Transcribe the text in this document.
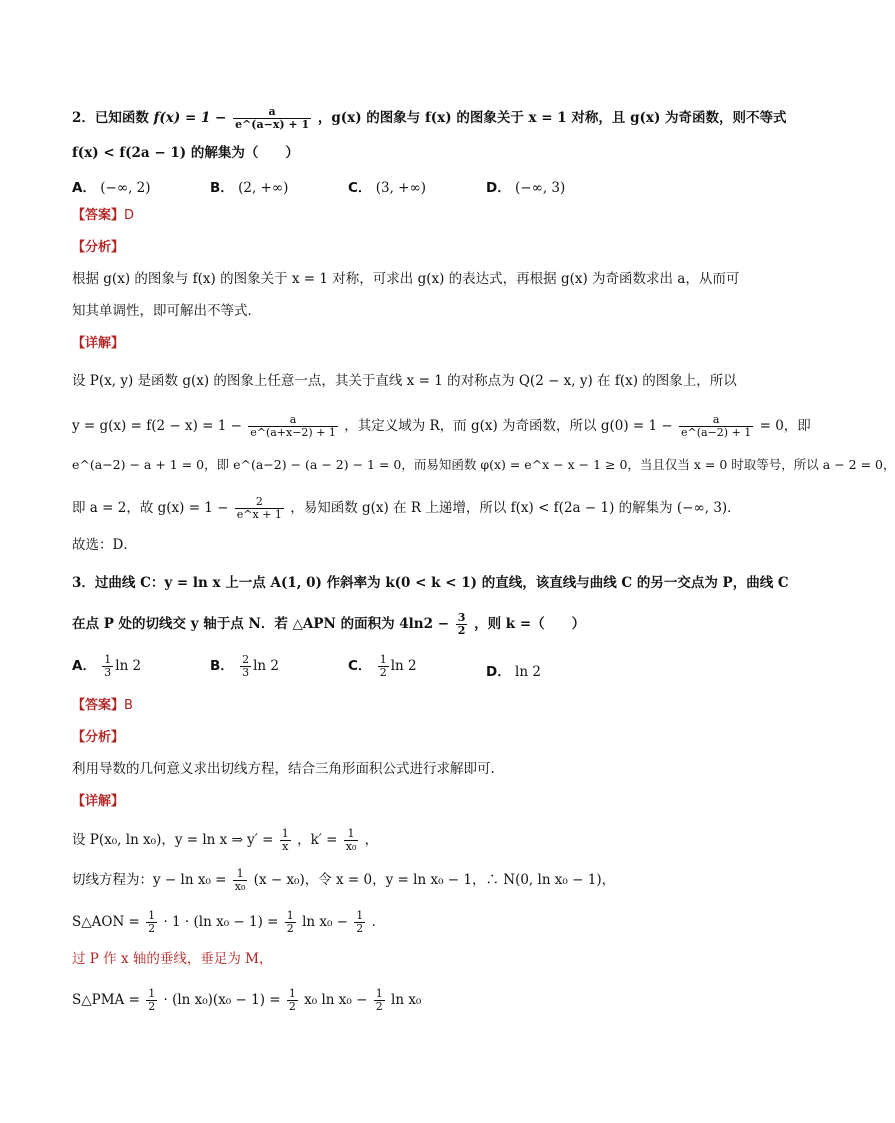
2．已知函数 $f(x) = 1 - \frac{a}{e\^{}(a-x) + 1}$ ，g(x) 的图象与 f(x) 的图象关于 x = 1 对称，且 g(x) 为奇函数，则不等式
f(x) < f(2a − 1) 的解集为（　　）
A． (−∞, 2)	B． (2, +∞)	C． (3, +∞)	D． (−∞, 3)
【答案】D
【分析】
根据 g(x) 的图象与 f(x) 的图象关于 x = 1 对称，可求出 g(x) 的表达式，再根据 g(x) 为奇函数求出 a，从而可
知其单调性，即可解出不等式．
【详解】
设 P(x, y) 是函数 g(x) 的图象上任意一点，其关于直线 x = 1 的对称点为 Q(2 − x, y) 在 f(x) 的图象上，所以
$y = g(x) = f(2 - x) = 1 - \frac{a}{e\^{}(a+x-2) + 1}$ ，其定义域为 R，而 g(x) 为奇函数，所以 $g(0) = 1 - \frac{a}{e\^{}(a-2) + 1} = 0$，即
e^(a−2) − a + 1 = 0，即 e^(a−2) − (a − 2) − 1 = 0，而易知函数 φ(x) = e^x − x − 1 ≥ 0，当且仅当 x = 0 时取等号，所以 a − 2 = 0，
即 a = 2，故 $g(x) = 1 - \frac{2}{e\^{}x + 1}$ ，易知函数 g(x) 在 R 上递增，所以 f(x) < f(2a − 1) 的解集为 (−∞, 3)．
故选：D．
3．过曲线 C：y = ln x 上一点 A(1, 0) 作斜率为 k(0 < k < 1) 的直线，该直线与曲线 C 的另一交点为 P，曲线 C
在点 P 处的切线交 y 轴于点 N．若 △APN 的面积为 $4\ln 2 - \frac{3}{2}$ ，则 k =（　　）
A． $\frac{1}{3}$ ln 2	B． $\frac{2}{3}$ ln 2	C． $\frac{1}{2}$ ln 2	D． ln 2
【答案】B
【分析】
利用导数的几何意义求出切线方程，结合三角形面积公式进行求解即可.
【详解】
设 P(x₀, ln x₀)，y = ln x ⇒ $y' = \frac{1}{x}$ ，$k' = \frac{1}{\text{x₀}}$ ，
切线方程为：$y - \ln x_0 = \frac{1}{\text{x₀}} (x - x_0)$，令 x = 0，y = ln x₀ − 1，∴ N(0, ln x₀ − 1)，
S△AON = $\frac{1}{2} \cdot 1 \cdot (\ln$ $x_0 - 1) = \frac{1}{2}$ $\ln x_0 - \frac{1}{2}$ ．
过 P 作 x 轴的垂线，垂足为 M，
S△PMA = $\frac{1}{2} \cdot (\ln$ $x_0)(x_0 - 1) = \frac{1}{2} x_0$ $\ln x_0 - \frac{1}{2}$ ln x₀
